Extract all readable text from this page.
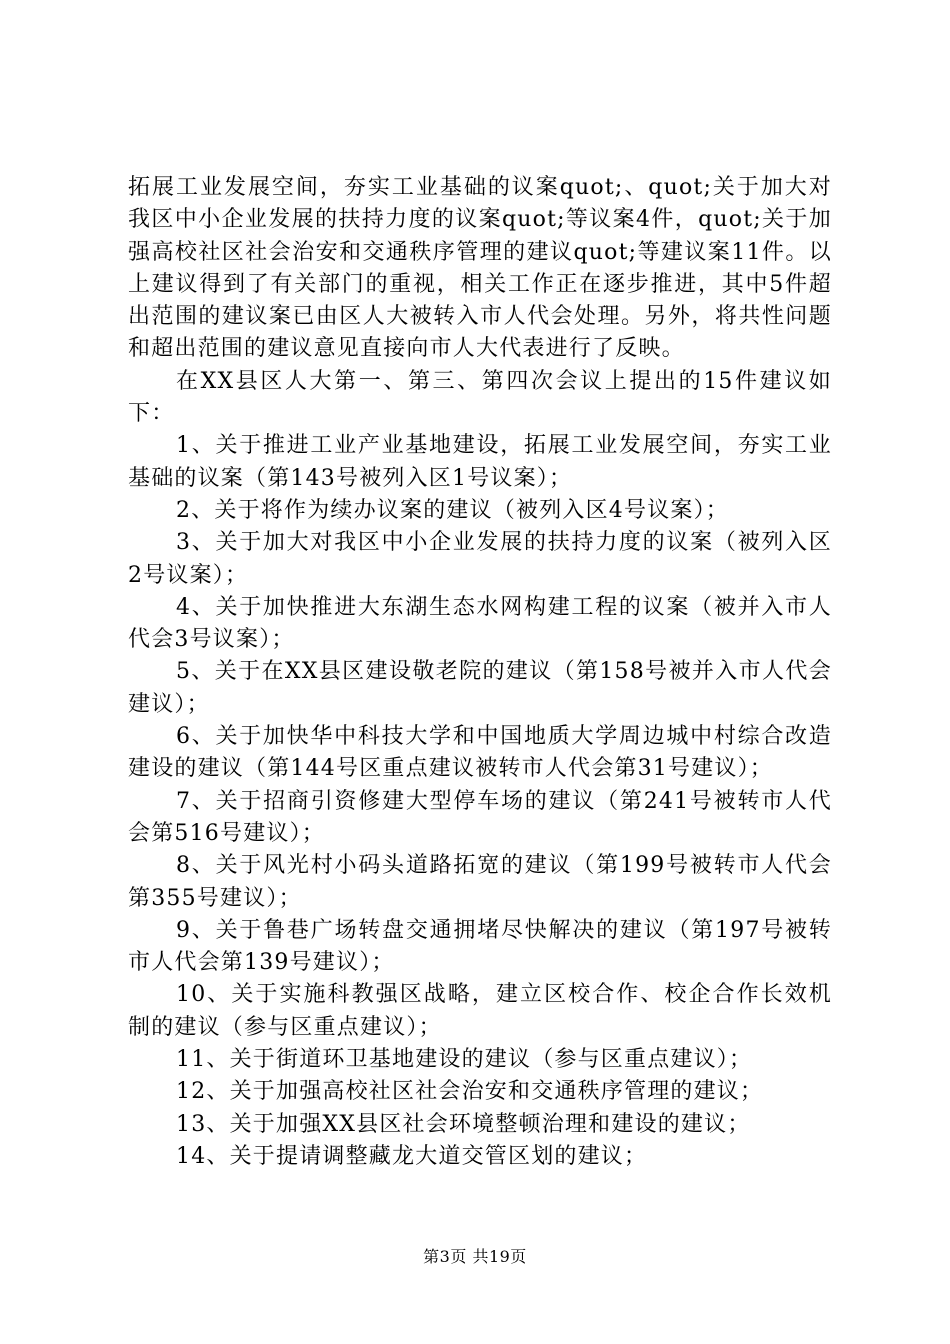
拓展工业发展空间，夯实工业基础的议案quot;、quot;关于加大对我区中小企业发展的扶持力度的议案quot;等议案4件，quot;关于加强高校社区社会治安和交通秩序管理的建议quot;等建议案11件。以上建议得到了有关部门的重视，相关工作正在逐步推进，其中5件超出范围的建议案已由区人大被转入市人代会处理。另外，将共性问题和超出范围的建议意见直接向市人大代表进行了反映。

在XX县区人大第一、第三、第四次会议上提出的15件建议如下：

1、关于推进工业产业基地建设，拓展工业发展空间，夯实工业基础的议案（第143号被列入区1号议案）；

2、关于将作为续办议案的建议（被列入区4号议案）；

3、关于加大对我区中小企业发展的扶持力度的议案（被列入区2号议案）；

4、关于加快推进大东湖生态水网构建工程的议案（被并入市人代会3号议案）；

5、关于在XX县区建设敬老院的建议（第158号被并入市人代会建议）；

6、关于加快华中科技大学和中国地质大学周边城中村综合改造建设的建议（第144号区重点建议被转市人代会第31号建议）；

7、关于招商引资修建大型停车场的建议（第241号被转市人代会第516号建议）；

8、关于风光村小码头道路拓宽的建议（第199号被转市人代会第355号建议）；

9、关于鲁巷广场转盘交通拥堵尽快解决的建议（第197号被转市人代会第139号建议）；

10、关于实施科教强区战略，建立区校合作、校企合作长效机制的建议（参与区重点建议）；

11、关于街道环卫基地建设的建议（参与区重点建议）；

12、关于加强高校社区社会治安和交通秩序管理的建议；

13、关于加强XX县区社会环境整顿治理和建设的建议；

14、关于提请调整藏龙大道交管区划的建议；

第3页 共19页
